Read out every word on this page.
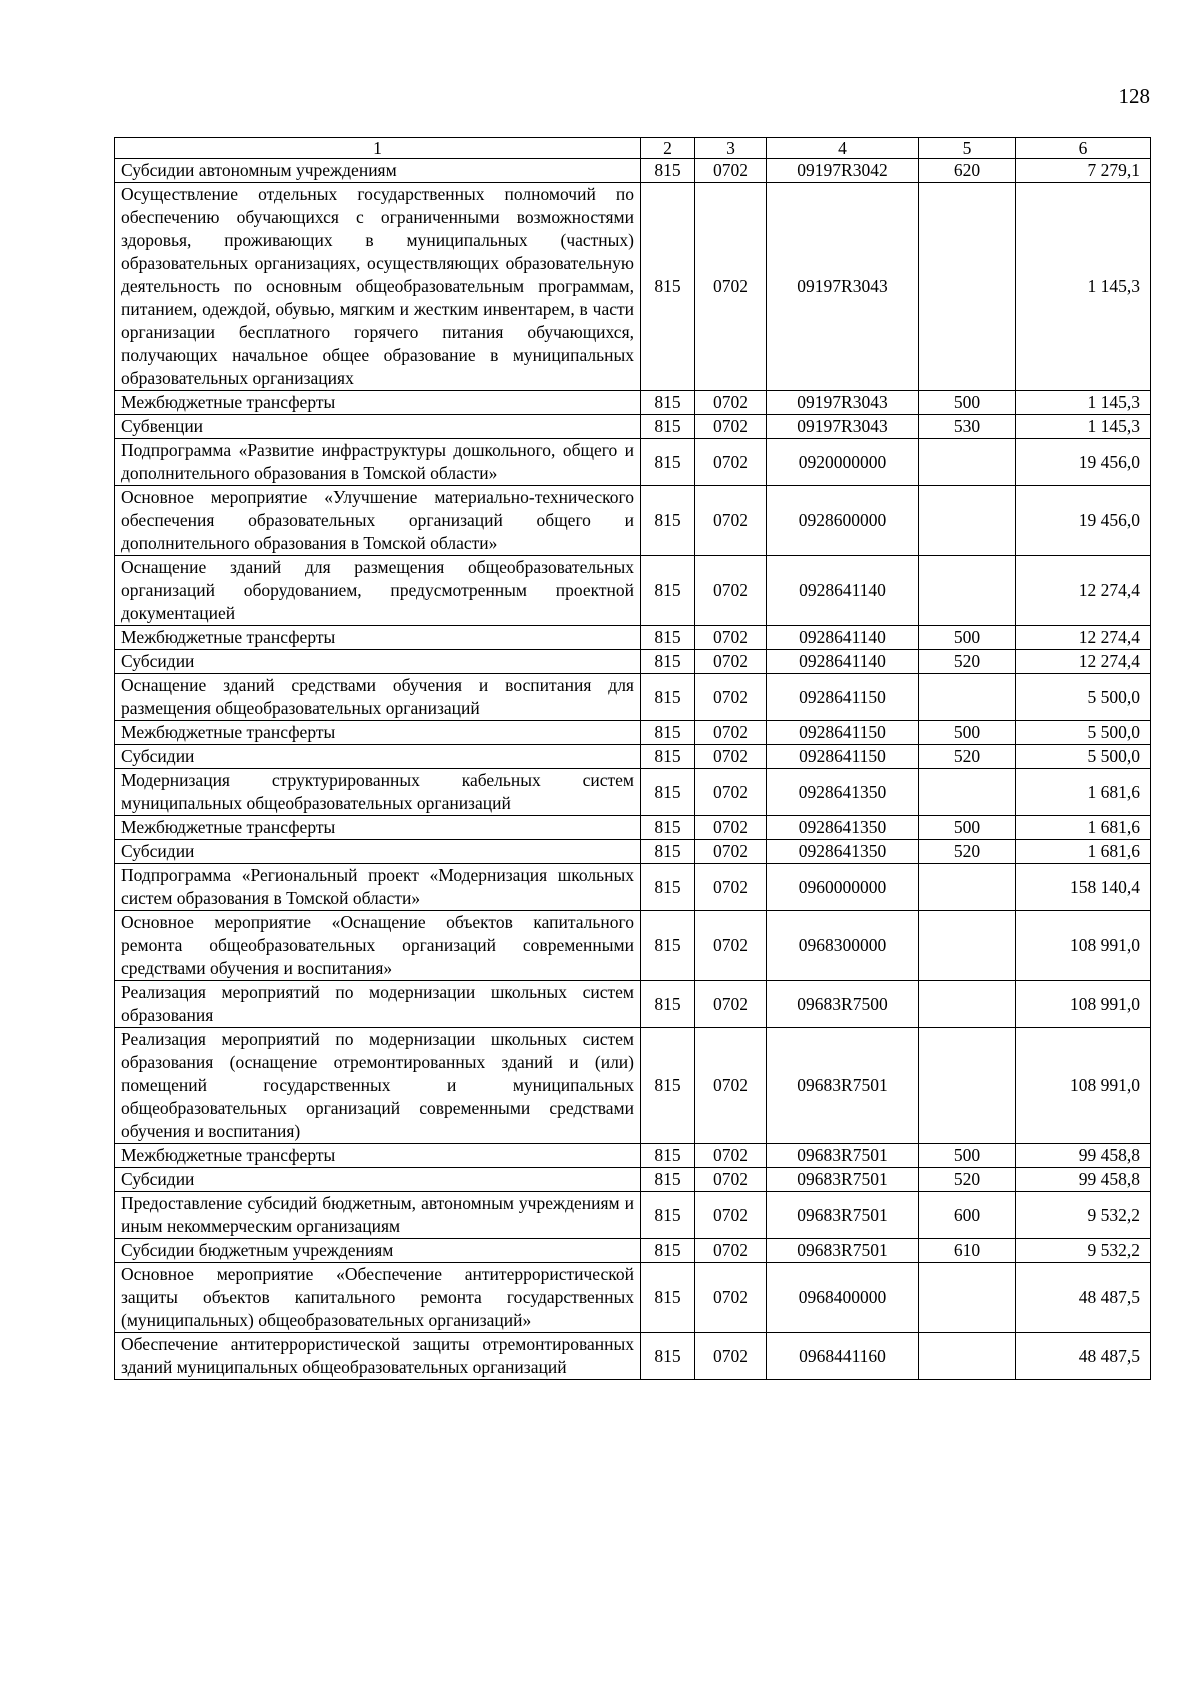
128
1	2	3	4	5	6
Субсидии автономным учреждениям	815	0702	09197R3042	620	7 279,1
Осуществление отдельных государственных полномочий по обеспечению обучающихся с ограниченными возможностями здоровья, проживающих в муниципальных (частных) образовательных организациях, осуществляющих образовательную деятельность по основным общеобразовательным программам, питанием, одеждой, обувью, мягким и жестким инвентарем, в части организации бесплатного горячего питания обучающихся, получающих начальное общее образование в муниципальных образовательных организациях	815	0702	09197R3043		1 145,3
Межбюджетные трансферты	815	0702	09197R3043	500	1 145,3
Субвенции	815	0702	09197R3043	530	1 145,3
Подпрограмма «Развитие инфраструктуры дошкольного, общего и дополнительного образования в Томской области»	815	0702	0920000000		19 456,0
Основное мероприятие «Улучшение материально-технического обеспечения образовательных организаций общего и дополнительного образования в Томской области»	815	0702	0928600000		19 456,0
Оснащение зданий для размещения общеобразовательных организаций оборудованием, предусмотренным проектной документацией	815	0702	0928641140		12 274,4
Межбюджетные трансферты	815	0702	0928641140	500	12 274,4
Субсидии	815	0702	0928641140	520	12 274,4
Оснащение зданий средствами обучения и воспитания для размещения общеобразовательных организаций	815	0702	0928641150		5 500,0
Межбюджетные трансферты	815	0702	0928641150	500	5 500,0
Субсидии	815	0702	0928641150	520	5 500,0
Модернизация структурированных кабельных систем муниципальных общеобразовательных организаций	815	0702	0928641350		1 681,6
Межбюджетные трансферты	815	0702	0928641350	500	1 681,6
Субсидии	815	0702	0928641350	520	1 681,6
Подпрограмма «Региональный проект «Модернизация школьных систем образования в Томской области»	815	0702	0960000000		158 140,4
Основное мероприятие «Оснащение объектов капитального ремонта общеобразовательных организаций современными средствами обучения и воспитания»	815	0702	0968300000		108 991,0
Реализация мероприятий по модернизации школьных систем образования	815	0702	09683R7500		108 991,0
Реализация мероприятий по модернизации школьных систем образования (оснащение отремонтированных зданий и (или) помещений государственных и муниципальных общеобразовательных организаций современными средствами обучения и воспитания)	815	0702	09683R7501		108 991,0
Межбюджетные трансферты	815	0702	09683R7501	500	99 458,8
Субсидии	815	0702	09683R7501	520	99 458,8
Предоставление субсидий бюджетным, автономным учреждениям и иным некоммерческим организациям	815	0702	09683R7501	600	9 532,2
Субсидии бюджетным учреждениям	815	0702	09683R7501	610	9 532,2
Основное мероприятие «Обеспечение антитеррористической защиты объектов капитального ремонта государственных (муниципальных) общеобразовательных организаций»	815	0702	0968400000		48 487,5
Обеспечение антитеррористической защиты отремонтированных зданий муниципальных общеобразовательных организаций	815	0702	0968441160		48 487,5
